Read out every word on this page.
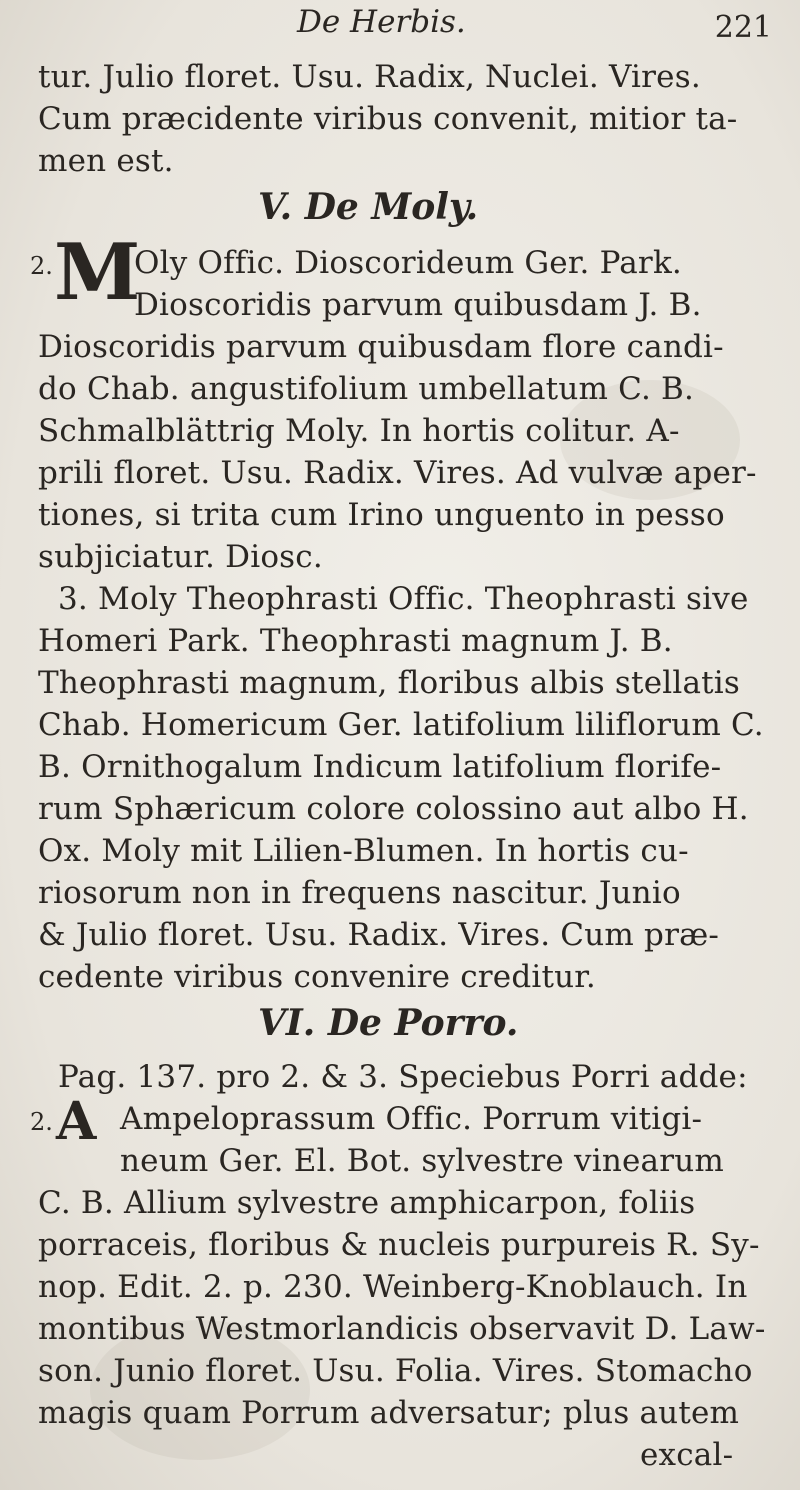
De Herbis.	221
tur. Julio floret. Usu. Radix, Nuclei. Vires.
Cum præcidente viribus convenit, mitior ta-
men est.
V. De Moly.
2. M
Oly Offic. Dioscorideum Ger. Park.
Dioscoridis parvum quibusdam J. B.
Dioscoridis parvum quibusdam flore candi-
do Chab. angustifolium umbellatum C. B.
Schmalblättrig Moly. In hortis colitur. A-
prili floret. Usu. Radix. Vires. Ad vulvæ aper-
tiones, si trita cum Irino unguento in pesso
subjiciatur. Diosc.
3. Moly Theophrasti Offic. Theophrasti sive
Homeri Park. Theophrasti magnum J. B.
Theophrasti magnum, floribus albis stellatis
Chab. Homericum Ger. latifolium liliflorum C.
B. Ornithogalum Indicum latifolium florife-
rum Sphæricum colore colossino aut albo H.
Ox. Moly mit Lilien-Blumen. In hortis cu-
riosorum non in frequens nascitur. Junio
& Julio floret. Usu. Radix. Vires. Cum præ-
cedente viribus convenire creditur.
VI. De Porro.
Pag. 137. pro 2. & 3. Speciebus Porri adde:
2. A Ampeloprassum Offic. Porrum vitigi-
neum Ger. El. Bot. sylvestre vinearum
C. B. Allium sylvestre amphicarpon, foliis
porraceis, floribus & nucleis purpureis R. Sy-
nop. Edit. 2. p. 230. Weinberg-Knoblauch. In
montibus Westmorlandicis observavit D. Law-
son. Junio floret. Usu. Folia. Vires. Stomacho
magis quam Porrum adversatur; plus autem
excal-
